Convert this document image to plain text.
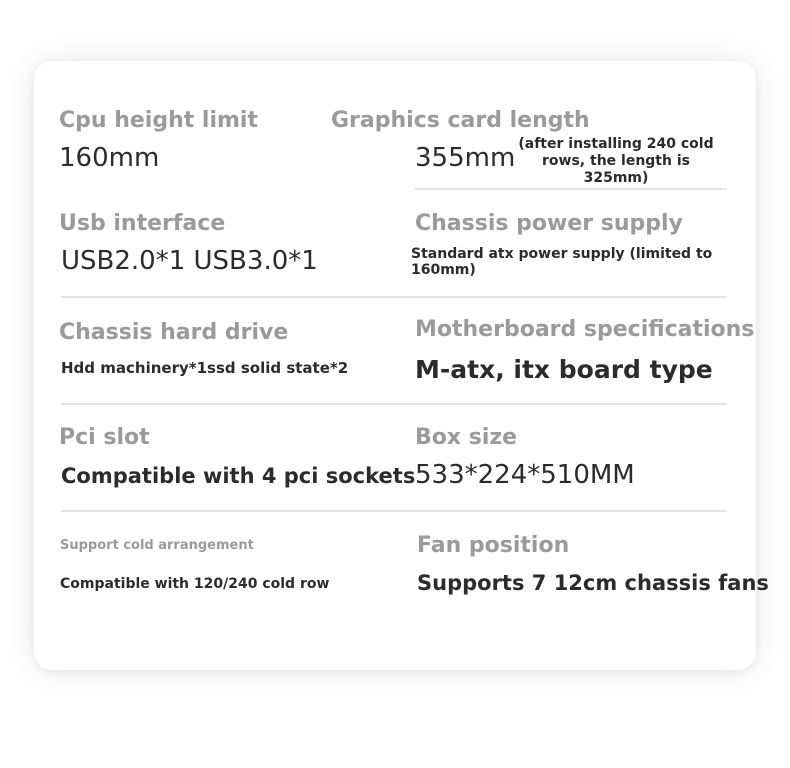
Cpu height limit
160mm
Graphics card length
355mm (after installing 240 cold rows, the length is 325mm)
Usb interface
USB2.0*1 USB3.0*1
Chassis power supply
Standard atx power supply (limited to 160mm)
Chassis hard drive
Hdd machinery*1ssd solid state*2
Motherboard specifications
M-atx, itx board type
Pci slot
Compatible with 4 pci sockets
Box size
533*224*510MM
Support cold arrangement
Compatible with 120/240 cold row
Fan position
Supports 7 12cm chassis fans
